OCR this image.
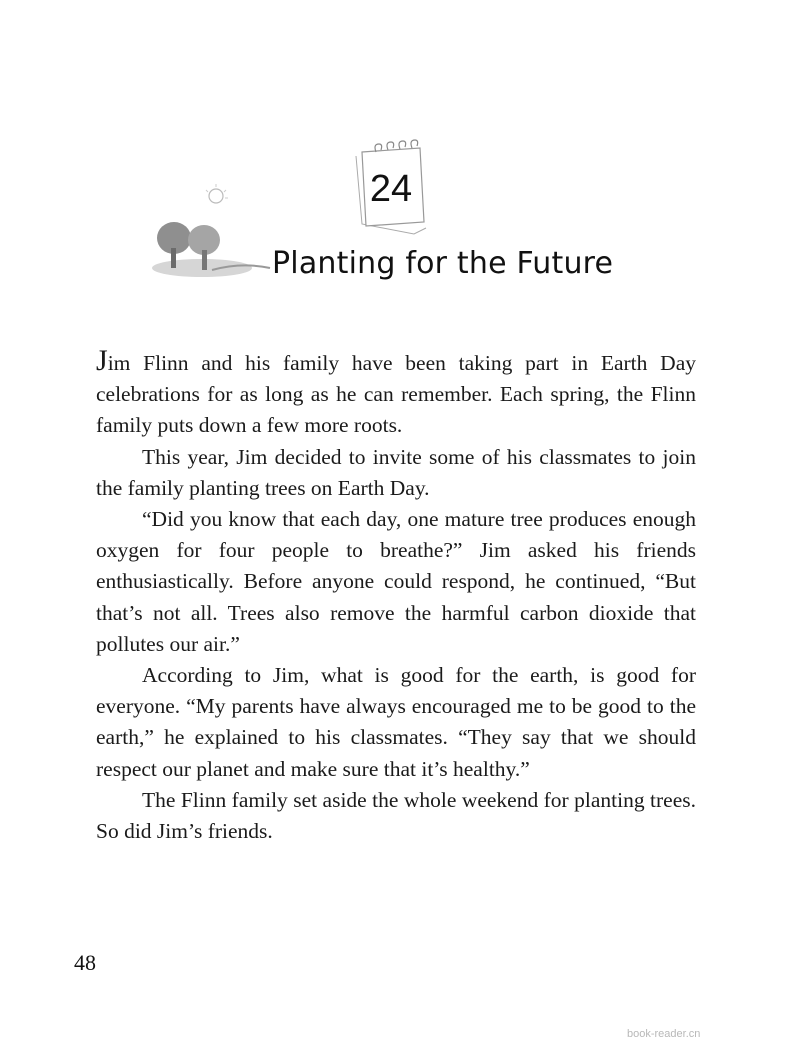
24
Planting for the Future

Jim Flinn and his family have been taking part in Earth Day celebrations for as long as he can remember. Each spring, the Flinn family puts down a few more roots.

This year, Jim decided to invite some of his classmates to join the family planting trees on Earth Day.

“Did you know that each day, one mature tree produces enough oxygen for four people to breathe?” Jim asked his friends enthusiastically. Before anyone could respond, he continued, “But that’s not all. Trees also remove the harmful carbon dioxide that pollutes our air.”

According to Jim, what is good for the earth, is good for everyone. “My parents have always encouraged me to be good to the earth,” he explained to his classmates. “They say that we should respect our planet and make sure that it’s healthy.”

The Flinn family set aside the whole weekend for planting trees. So did Jim’s friends.

48
book-reader.cn
